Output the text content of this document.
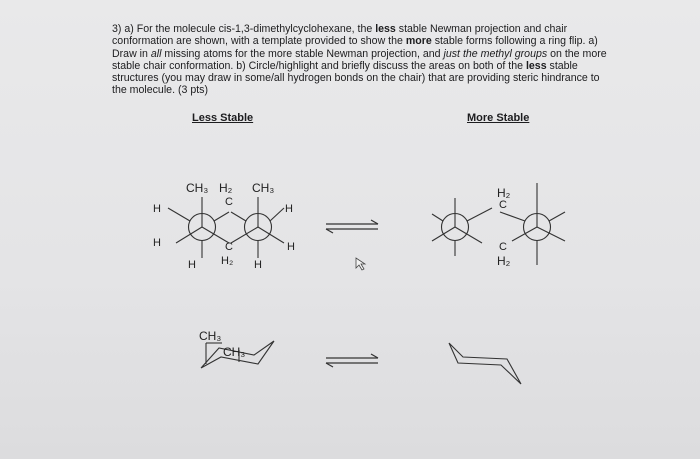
3) a) For the molecule cis-1,3-dimethylcyclohexane, the less stable Newman projection and chair conformation are shown, with a template provided to show the more stable forms following a ring flip. a) Draw in all missing atoms for the more stable Newman projection, and just the methyl groups on the more stable chair conformation. b) Circle/highlight and briefly discuss the areas on both of the less stable structures (you may draw in some/all hydrogen bonds on the chair) that are providing steric hindrance to the molecule. (3 pts)

Less Stable	More Stable
CH₃ H₂ CH₃
C
H
H
H
H
C
H₂
H	H
H₂
C
C
H₂
CH₃
CH₃
